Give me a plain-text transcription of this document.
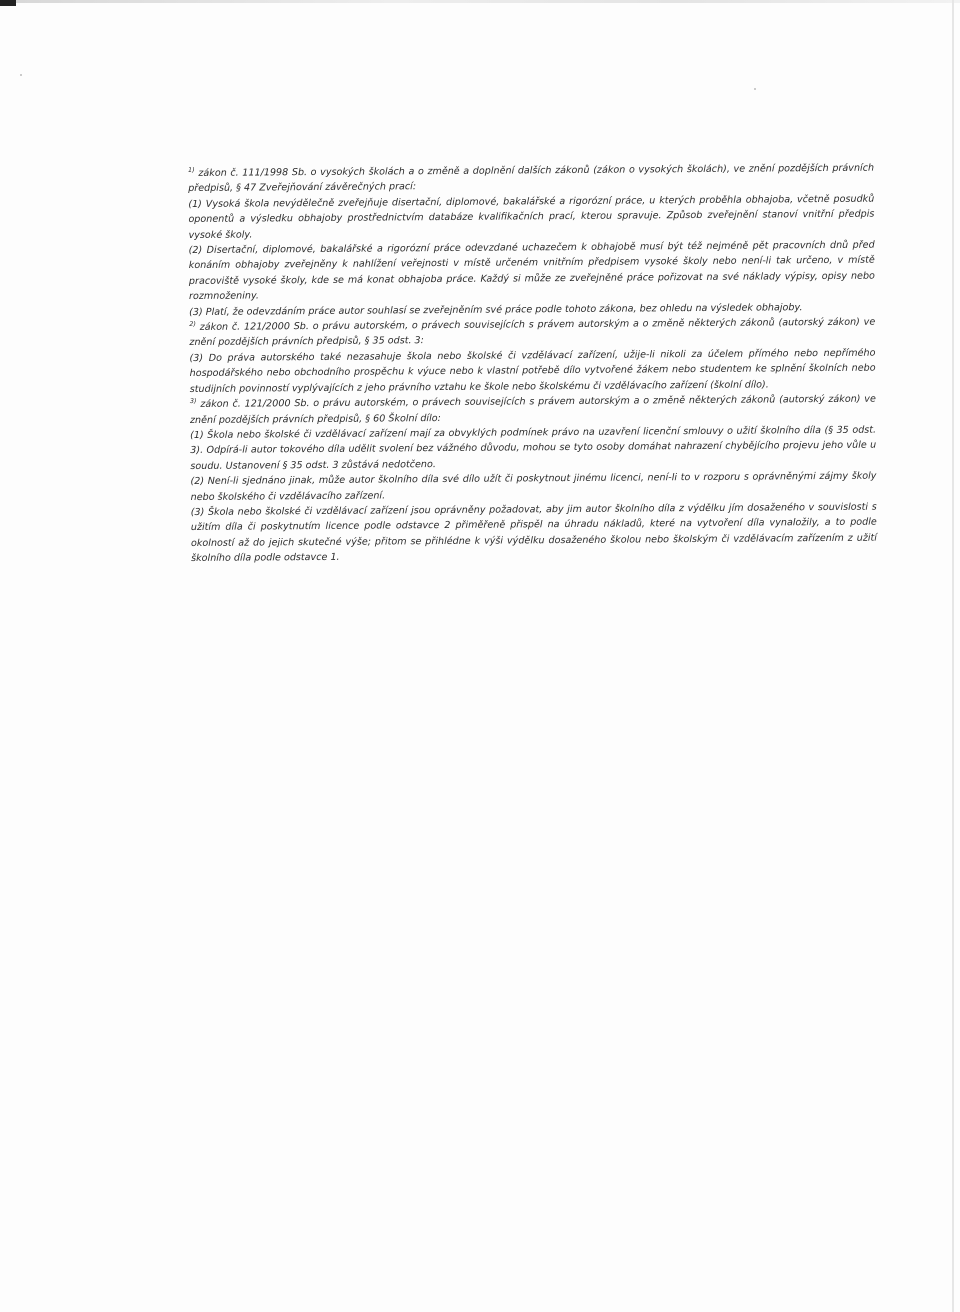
$^{1)}$ zákon č. 111/1998 Sb. o vysokých školách a o změně a doplnění dalších zákonů (zákon o vysokých školách), ve znění pozdějších právních předpisů, § 47 Zveřejňování závěrečných prací:

(1) Vysoká škola nevýdělečně zveřejňuje disertační, diplomové, bakalářské a rigorózní práce, u kterých proběhla obhajoba, včetně posudků oponentů a výsledku obhajoby prostřednictvím databáze kvalifikačních prací, kterou spravuje. Způsob zveřejnění stanoví vnitřní předpis vysoké školy.

(2) Disertační, diplomové, bakalářské a rigorózní práce odevzdané uchazečem k obhajobě musí být též nejméně pět pracovních dnů před konáním obhajoby zveřejněny k nahlížení veřejnosti v místě určeném vnitřním předpisem vysoké školy nebo není-li tak určeno, v místě pracoviště vysoké školy, kde se má konat obhajoba práce. Každý si může ze zveřejněné práce pořizovat na své náklady výpisy, opisy nebo rozmnoženiny.

(3) Platí, že odevzdáním práce autor souhlasí se zveřejněním své práce podle tohoto zákona, bez ohledu na výsledek obhajoby.

$^{2)}$ zákon č. 121/2000 Sb. o právu autorském, o právech souvisejících s právem autorským a o změně některých zákonů (autorský zákon) ve znění pozdějších právních předpisů, § 35 odst. 3:

(3) Do práva autorského také nezasahuje škola nebo školské či vzdělávací zařízení, užije-li nikoli za účelem přímého nebo nepřímého hospodářského nebo obchodního prospěchu k výuce nebo k vlastní potřebě dílo vytvořené žákem nebo studentem ke splnění školních nebo studijních povinností vyplývajících z jeho právního vztahu ke škole nebo školskému či vzdělávacího zařízení (školní dílo).

$^{3)}$ zákon č. 121/2000 Sb. o právu autorském, o právech souvisejících s právem autorským a o změně některých zákonů (autorský zákon) ve znění pozdějších právních předpisů, § 60 Školní dílo:

(1) Škola nebo školské či vzdělávací zařízení mají za obvyklých podmínek právo na uzavření licenční smlouvy o užití školního díla (§ 35 odst. 3). Odpírá-li autor tokového díla udělit svolení bez vážného důvodu, mohou se tyto osoby domáhat nahrazení chybějícího projevu jeho vůle u soudu. Ustanovení § 35 odst. 3 zůstává nedotčeno.

(2) Není-li sjednáno jinak, může autor školního díla své dílo užít či poskytnout jinému licenci, není-li to v rozporu s oprávněnými zájmy školy nebo školského či vzdělávacího zařízení.

(3) Škola nebo školské či vzdělávací zařízení jsou oprávněny požadovat, aby jim autor školního díla z výdělku jím dosaženého v souvislosti s užitím díla či poskytnutím licence podle odstavce 2 přiměřeně přispěl na úhradu nákladů, které na vytvoření díla vynaložily, a to podle okolností až do jejich skutečné výše; přitom se přihlédne k výši výdělku dosaženého školou nebo školským či vzdělávacím zařízením z užití školního díla podle odstavce 1.
